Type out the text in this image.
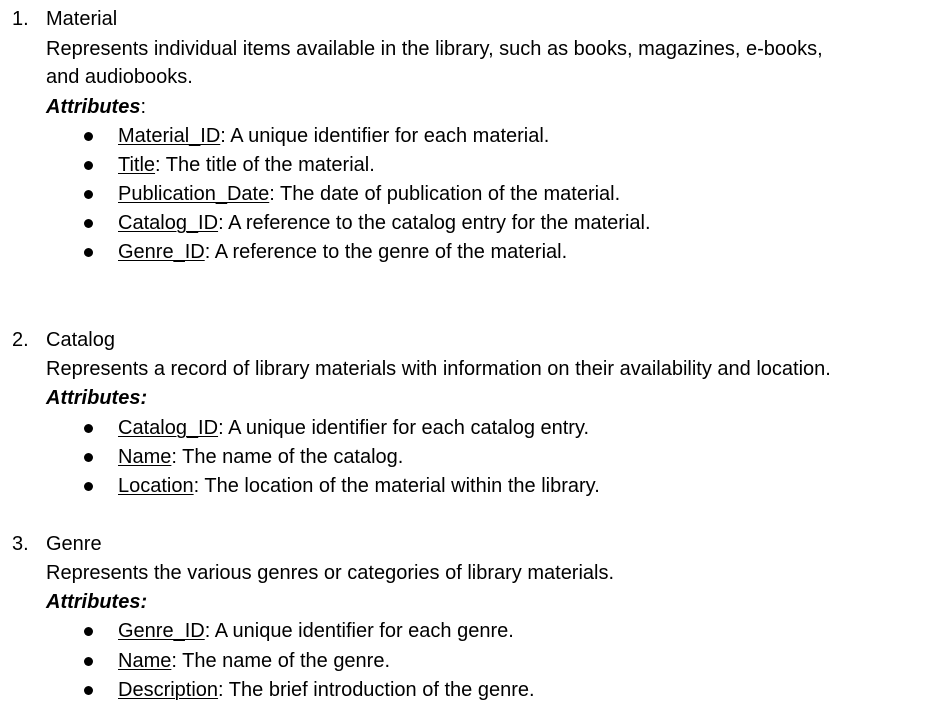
1. Material
Represents individual items available in the library, such as books, magazines, e-books,
and audiobooks.
Attributes:
Material_ID: A unique identifier for each material.
Title: The title of the material.
Publication_Date: The date of publication of the material.
Catalog_ID: A reference to the catalog entry for the material.
Genre_ID: A reference to the genre of the material.
2. Catalog
Represents a record of library materials with information on their availability and location.
Attributes:
Catalog_ID: A unique identifier for each catalog entry.
Name: The name of the catalog.
Location: The location of the material within the library.
3. Genre
Represents the various genres or categories of library materials.
Attributes:
Genre_ID: A unique identifier for each genre.
Name: The name of the genre.
Description: The brief introduction of the genre.
